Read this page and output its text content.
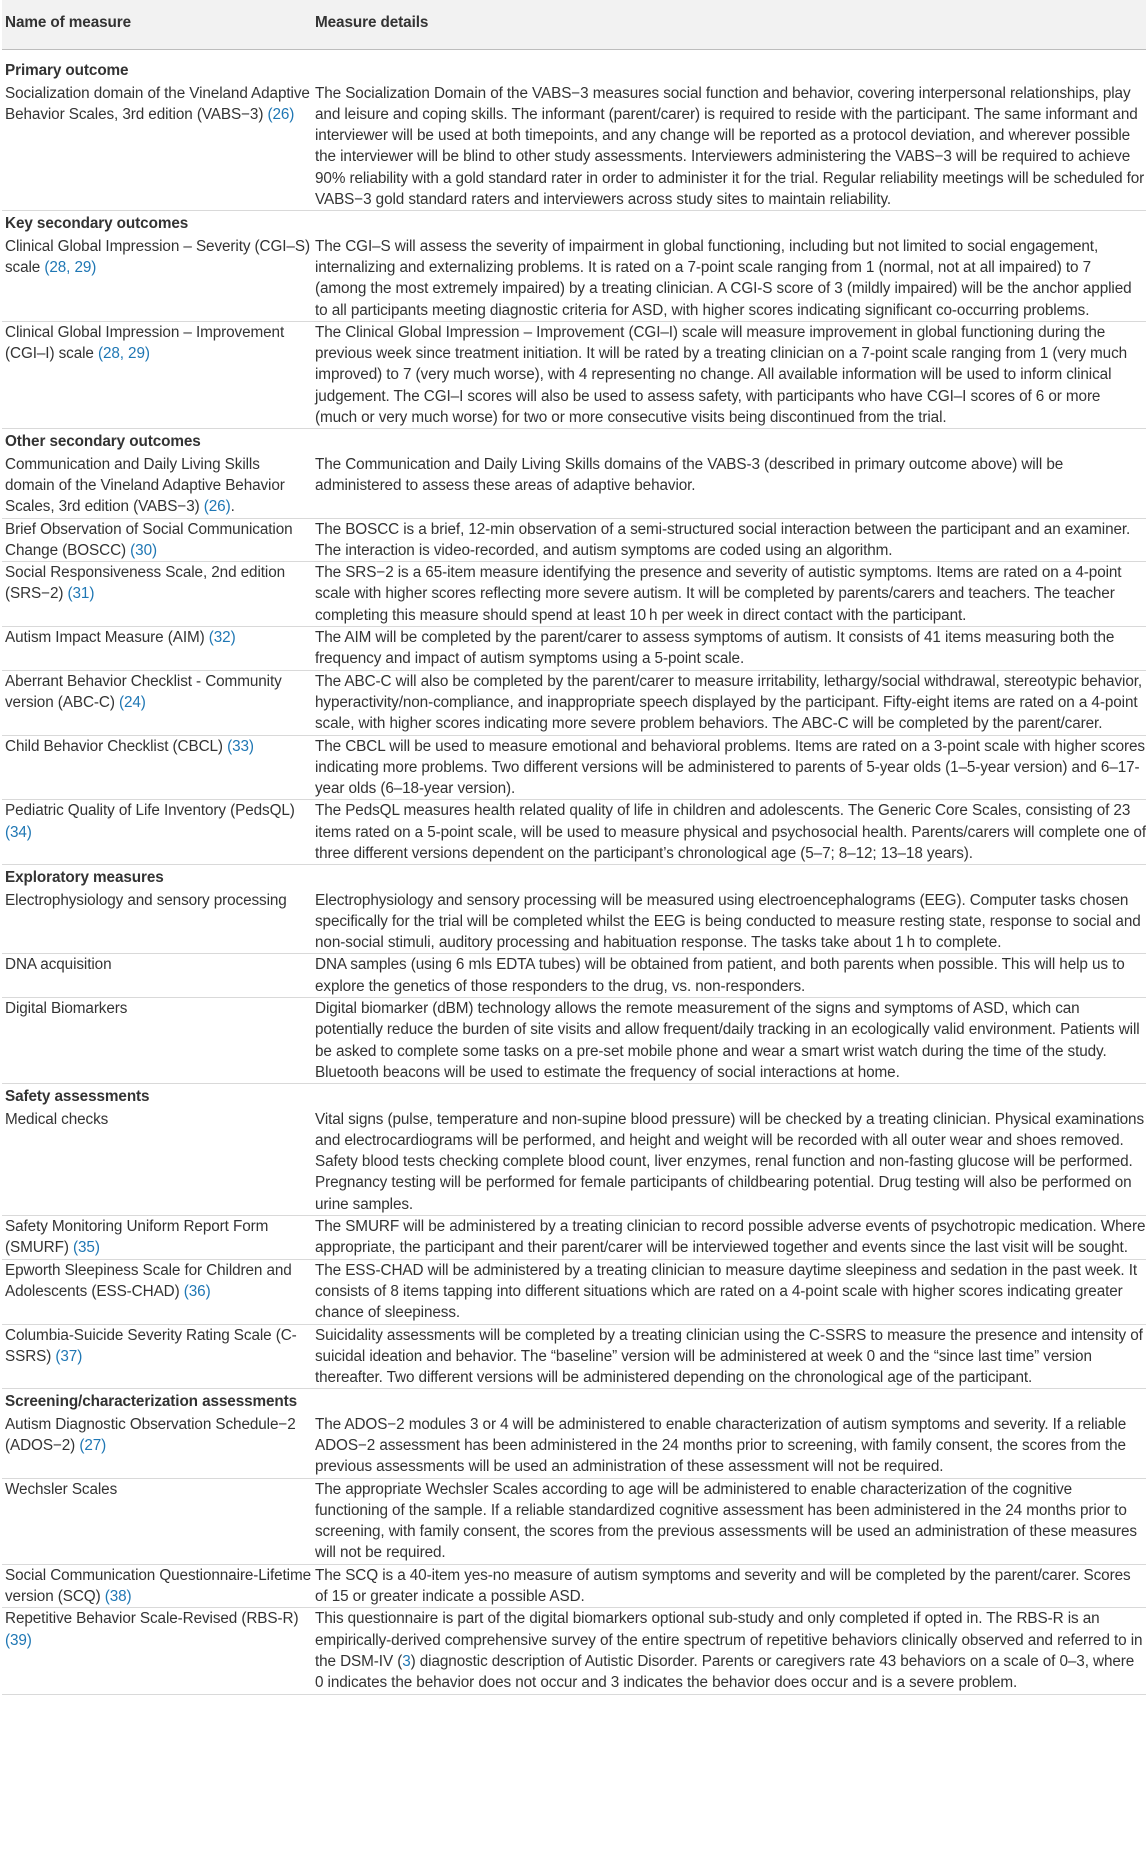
Name of measure	Measure details
Primary outcome	
Socialization domain of the Vineland Adaptive Behavior Scales, 3rd edition (VABS−3) (26)	The Socialization Domain of the VABS−3 measures social function and behavior, covering interpersonal relationships, play and leisure and coping skills. The informant (parent/carer) is required to reside with the participant. The same informant and interviewer will be used at both timepoints, and any change will be reported as a protocol deviation, and wherever possible the interviewer will be blind to other study assessments. Interviewers administering the VABS−3 will be required to achieve 90% reliability with a gold standard rater in order to administer it for the trial. Regular reliability meetings will be scheduled for VABS−3 gold standard raters and interviewers across study sites to maintain reliability.
Key secondary outcomes	
Clinical Global Impression – Severity (CGI–S) scale (28, 29)	The CGI–S will assess the severity of impairment in global functioning, including but not limited to social engagement, internalizing and externalizing problems. It is rated on a 7-point scale ranging from 1 (normal, not at all impaired) to 7 (among the most extremely impaired) by a treating clinician. A CGI-S score of 3 (mildly impaired) will be the anchor applied to all participants meeting diagnostic criteria for ASD, with higher scores indicating significant co-occurring problems.
Clinical Global Impression – Improvement (CGI–I) scale (28, 29)	The Clinical Global Impression – Improvement (CGI–I) scale will measure improvement in global functioning during the previous week since treatment initiation. It will be rated by a treating clinician on a 7-point scale ranging from 1 (very much improved) to 7 (very much worse), with 4 representing no change. All available information will be used to inform clinical judgement. The CGI–I scores will also be used to assess safety, with participants who have CGI–I scores of 6 or more (much or very much worse) for two or more consecutive visits being discontinued from the trial.
Other secondary outcomes	
Communication and Daily Living Skills domain of the Vineland Adaptive Behavior Scales, 3rd edition (VABS−3) (26).	The Communication and Daily Living Skills domains of the VABS-3 (described in primary outcome above) will be administered to assess these areas of adaptive behavior.
Brief Observation of Social Communication Change (BOSCC) (30)	The BOSCC is a brief, 12-min observation of a semi-structured social interaction between the participant and an examiner. The interaction is video-recorded, and autism symptoms are coded using an algorithm.
Social Responsiveness Scale, 2nd edition (SRS−2) (31)	The SRS−2 is a 65-item measure identifying the presence and severity of autistic symptoms. Items are rated on a 4-point scale with higher scores reflecting more severe autism. It will be completed by parents/carers and teachers. The teacher completing this measure should spend at least 10 h per week in direct contact with the participant.
Autism Impact Measure (AIM) (32)	The AIM will be completed by the parent/carer to assess symptoms of autism. It consists of 41 items measuring both the frequency and impact of autism symptoms using a 5-point scale.
Aberrant Behavior Checklist - Community version (ABC-C) (24)	The ABC-C will also be completed by the parent/carer to measure irritability, lethargy/social withdrawal, stereotypic behavior, hyperactivity/non-compliance, and inappropriate speech displayed by the participant. Fifty-eight items are rated on a 4-point scale, with higher scores indicating more severe problem behaviors. The ABC-C will be completed by the parent/carer.
Child Behavior Checklist (CBCL) (33)	The CBCL will be used to measure emotional and behavioral problems. Items are rated on a 3-point scale with higher scores indicating more problems. Two different versions will be administered to parents of 5-year olds (1–5-year version) and 6–17-year olds (6–18-year version).
Pediatric Quality of Life Inventory (PedsQL) (34)	The PedsQL measures health related quality of life in children and adolescents. The Generic Core Scales, consisting of 23 items rated on a 5-point scale, will be used to measure physical and psychosocial health. Parents/carers will complete one of three different versions dependent on the participant’s chronological age (5–7; 8–12; 13–18 years).
Exploratory measures	
Electrophysiology and sensory processing	Electrophysiology and sensory processing will be measured using electroencephalograms (EEG). Computer tasks chosen specifically for the trial will be completed whilst the EEG is being conducted to measure resting state, response to social and non-social stimuli, auditory processing and habituation response. The tasks take about 1 h to complete.
DNA acquisition	DNA samples (using 6 mls EDTA tubes) will be obtained from patient, and both parents when possible. This will help us to explore the genetics of those responders to the drug, vs. non-responders.
Digital Biomarkers	Digital biomarker (dBM) technology allows the remote measurement of the signs and symptoms of ASD, which can potentially reduce the burden of site visits and allow frequent/daily tracking in an ecologically valid environment. Patients will be asked to complete some tasks on a pre-set mobile phone and wear a smart wrist watch during the time of the study. Bluetooth beacons will be used to estimate the frequency of social interactions at home.
Safety assessments	
Medical checks	Vital signs (pulse, temperature and non-supine blood pressure) will be checked by a treating clinician. Physical examinations and electrocardiograms will be performed, and height and weight will be recorded with all outer wear and shoes removed. Safety blood tests checking complete blood count, liver enzymes, renal function and non-fasting glucose will be performed. Pregnancy testing will be performed for female participants of childbearing potential. Drug testing will also be performed on urine samples.
Safety Monitoring Uniform Report Form (SMURF) (35)	The SMURF will be administered by a treating clinician to record possible adverse events of psychotropic medication. Where appropriate, the participant and their parent/carer will be interviewed together and events since the last visit will be sought.
Epworth Sleepiness Scale for Children and Adolescents (ESS-CHAD) (36)	The ESS-CHAD will be administered by a treating clinician to measure daytime sleepiness and sedation in the past week. It consists of 8 items tapping into different situations which are rated on a 4-point scale with higher scores indicating greater chance of sleepiness.
Columbia-Suicide Severity Rating Scale (C-SSRS) (37)	Suicidality assessments will be completed by a treating clinician using the C-SSRS to measure the presence and intensity of suicidal ideation and behavior. The “baseline” version will be administered at week 0 and the “since last time” version thereafter. Two different versions will be administered depending on the chronological age of the participant.
Screening/characterization assessments	
Autism Diagnostic Observation Schedule−2 (ADOS−2) (27)	The ADOS−2 modules 3 or 4 will be administered to enable characterization of autism symptoms and severity. If a reliable ADOS−2 assessment has been administered in the 24 months prior to screening, with family consent, the scores from the previous assessments will be used an administration of these assessment will not be required.
Wechsler Scales	The appropriate Wechsler Scales according to age will be administered to enable characterization of the cognitive functioning of the sample. If a reliable standardized cognitive assessment has been administered in the 24 months prior to screening, with family consent, the scores from the previous assessments will be used an administration of these measures will not be required.
Social Communication Questionnaire-Lifetime version (SCQ) (38)	The SCQ is a 40-item yes-no measure of autism symptoms and severity and will be completed by the parent/carer. Scores of 15 or greater indicate a possible ASD.
Repetitive Behavior Scale-Revised (RBS-R) (39)	This questionnaire is part of the digital biomarkers optional sub-study and only completed if opted in. The RBS-R is an empirically-derived comprehensive survey of the entire spectrum of repetitive behaviors clinically observed and referred to in the DSM-IV (3) diagnostic description of Autistic Disorder. Parents or caregivers rate 43 behaviors on a scale of 0–3, where 0 indicates the behavior does not occur and 3 indicates the behavior does occur and is a severe problem.
